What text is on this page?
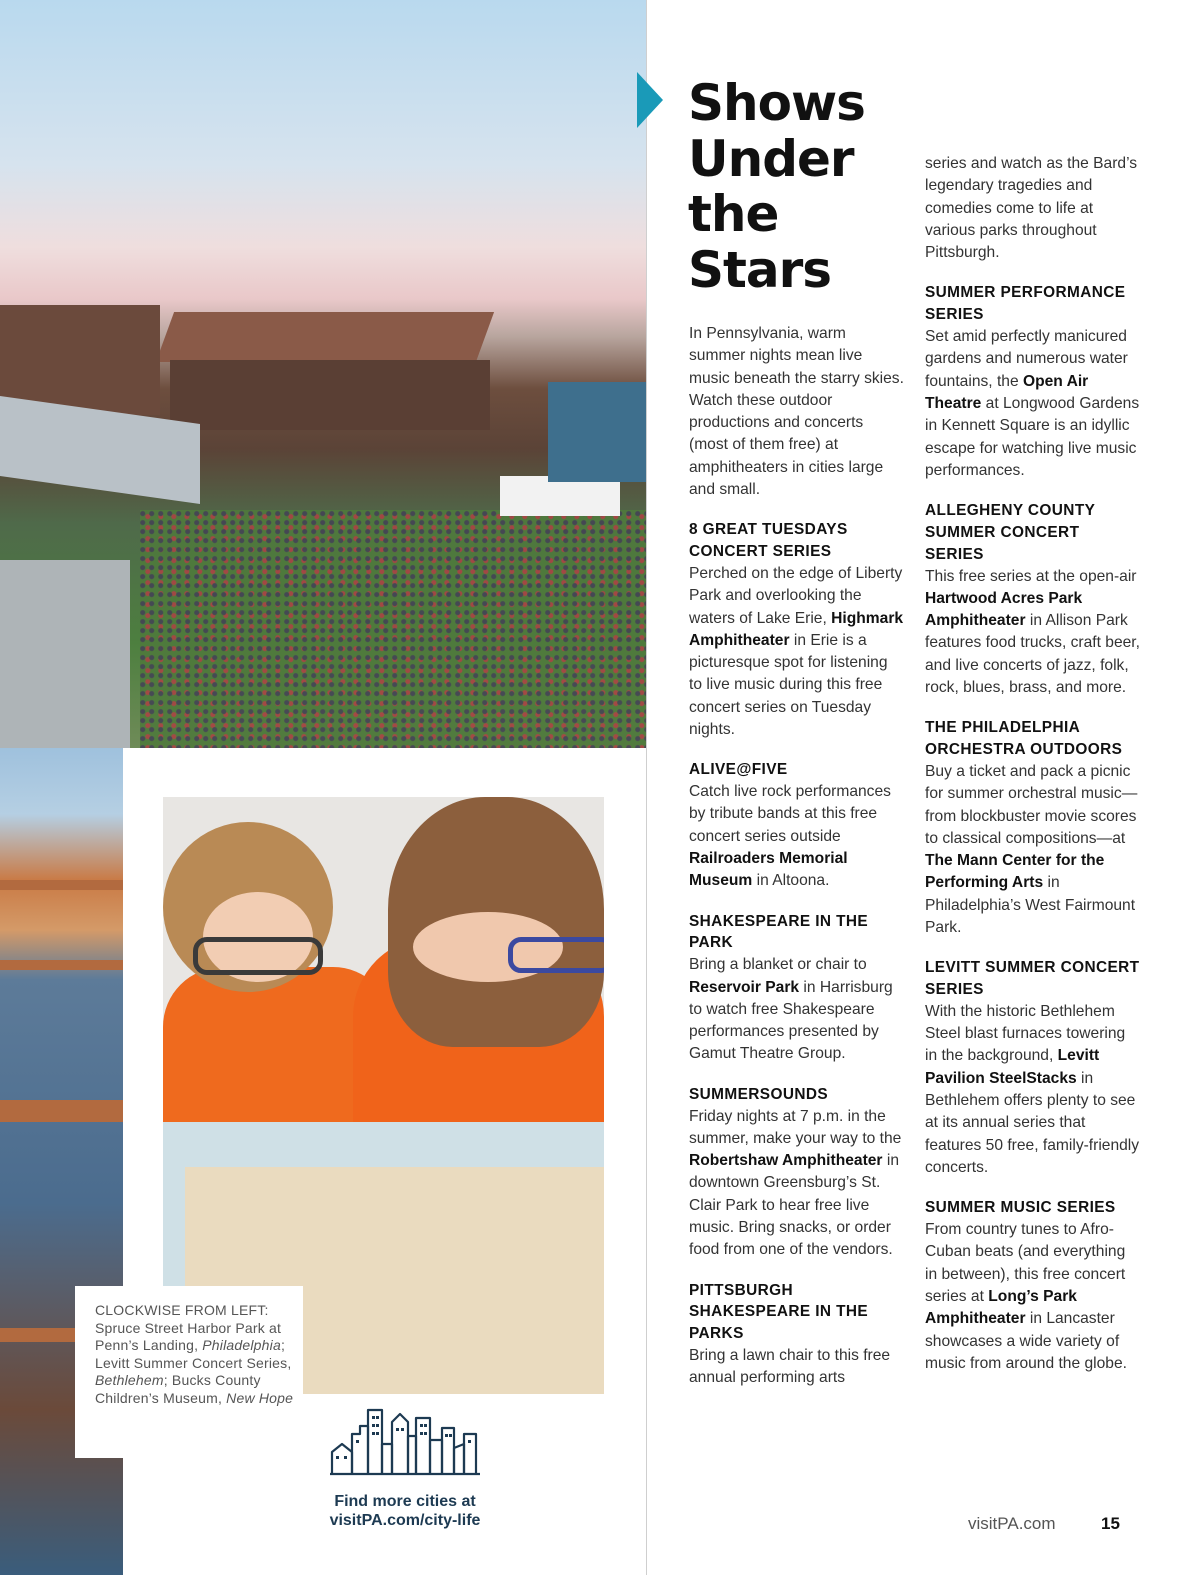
CLOCKWISE FROM LEFT: Spruce Street Harbor Park at Penn’s Landing, Philadelphia; Levitt Summer Concert Series, Bethlehem; Bucks County Children’s Museum, New Hope
Find more cities at
visitPA.com/city-life
Shows Under the Stars

In Pennsylvania, warm summer nights mean live music beneath the starry skies. Watch these outdoor productions and concerts (most of them free) at amphitheaters in cities large and small.

8 GREAT TUESDAYS CONCERT SERIES

Perched on the edge of Liberty Park and overlooking the waters of Lake Erie, Highmark Amphitheater in Erie is a picturesque spot for listening to live music during this free concert series on Tuesday nights.

ALIVE@FIVE

Catch live rock performances by tribute bands at this free concert series outside Railroaders Memorial Museum in Altoona.

SHAKESPEARE IN THE PARK

Bring a blanket or chair to Reservoir Park in Harrisburg to watch free Shakespeare performances presented by Gamut Theatre Group.

SUMMERSOUNDS

Friday nights at 7 p.m. in the summer, make your way to the Robertshaw Amphitheater in downtown Greensburg’s St. Clair Park to hear free live music. Bring snacks, or order food from one of the vendors.

PITTSBURGH SHAKESPEARE IN THE PARKS

Bring a lawn chair to this free annual performing arts

series and watch as the Bard’s legendary tragedies and comedies come to life at various parks throughout Pittsburgh.

SUMMER PERFORMANCE SERIES

Set amid perfectly manicured gardens and numerous water fountains, the Open Air Theatre at Longwood Gardens in Kennett Square is an idyllic escape for watching live music performances.

ALLEGHENY COUNTY SUMMER CONCERT SERIES

This free series at the open-air Hartwood Acres Park Amphitheater in Allison Park features food trucks, craft beer, and live concerts of jazz, folk, rock, blues, brass, and more.

THE PHILADELPHIA ORCHESTRA OUTDOORS

Buy a ticket and pack a picnic for summer orchestral music—from blockbuster movie scores to classical compositions—at The Mann Center for the Performing Arts in Philadelphia’s West Fairmount Park.

LEVITT SUMMER CONCERT SERIES

With the historic Bethlehem Steel blast furnaces towering in the background, Levitt Pavilion SteelStacks in Bethlehem offers plenty to see at its annual series that features 50 free, family-friendly concerts.

SUMMER MUSIC SERIES

From country tunes to Afro-Cuban beats (and everything in between), this free concert series at Long’s Park Amphitheater in Lancaster showcases a wide variety of music from around the globe.

visitPA.com	15
